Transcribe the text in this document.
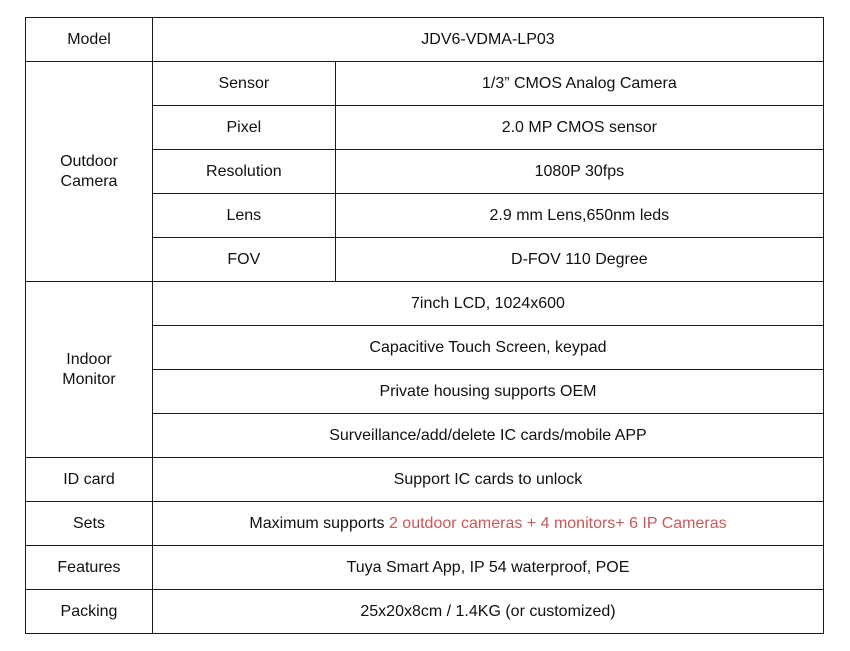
Model	JDV6-VDMA-LP03	
Outdoor
Camera	Sensor	1/3” CMOS Analog Camera
	Pixel	2.0 MP CMOS sensor
	Resolution	1080P 30fps
	Lens	2.9 mm Lens,650nm leds
	FOV	D-FOV 110 Degree
Indoor
Monitor	7inch LCD, 1024x600	
	Capacitive Touch Screen, keypad	
	Private housing supports OEM	
	Surveillance/add/delete IC cards/mobile APP	
ID card	Support IC cards to unlock	
Sets	Maximum supports 2 outdoor cameras + 4 monitors+ 6 IP Cameras	
Features	Tuya Smart App, IP 54 waterproof, POE	
Packing	25x20x8cm / 1.4KG (or customized)	
